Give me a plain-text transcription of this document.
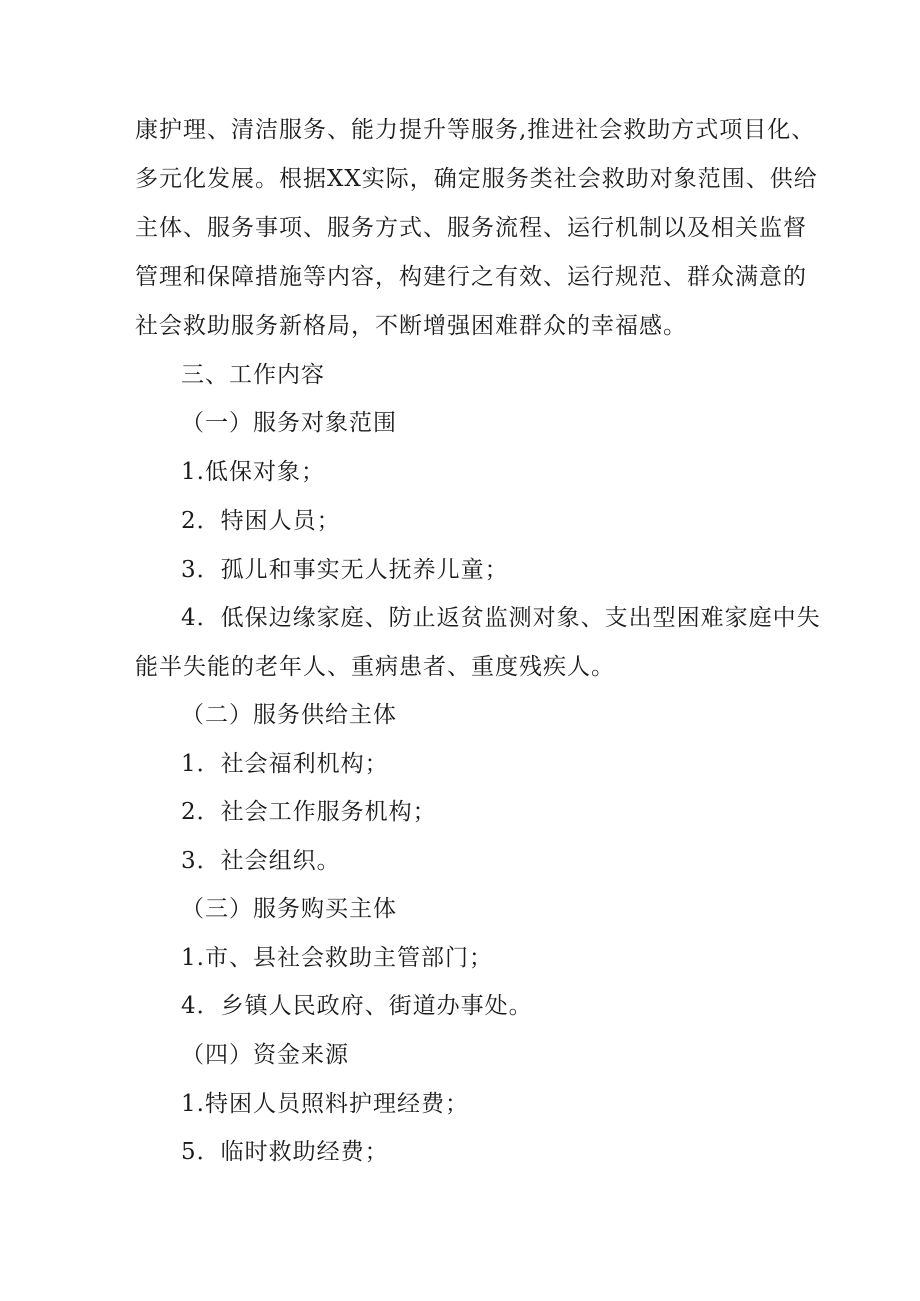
康护理、清洁服务、能力提升等服务,推进社会救助方式项目化、
多元化发展。根据XX实际，确定服务类社会救助对象范围、供给
主体、服务事项、服务方式、服务流程、运行机制以及相关监督
管理和保障措施等内容，构建行之有效、运行规范、群众满意的
社会救助服务新格局，不断增强困难群众的幸福感。
三、工作内容
（一）服务对象范围
1.低保对象；
2．特困人员；
3．孤儿和事实无人抚养儿童；
4．低保边缘家庭、防止返贫监测对象、支出型困难家庭中失
能半失能的老年人、重病患者、重度残疾人。
（二）服务供给主体
1．社会福利机构；
2．社会工作服务机构；
3．社会组织。
（三）服务购买主体
1.市、县社会救助主管部门；
4．乡镇人民政府、街道办事处。
（四）资金来源
1.特困人员照料护理经费；
5．临时救助经费；
